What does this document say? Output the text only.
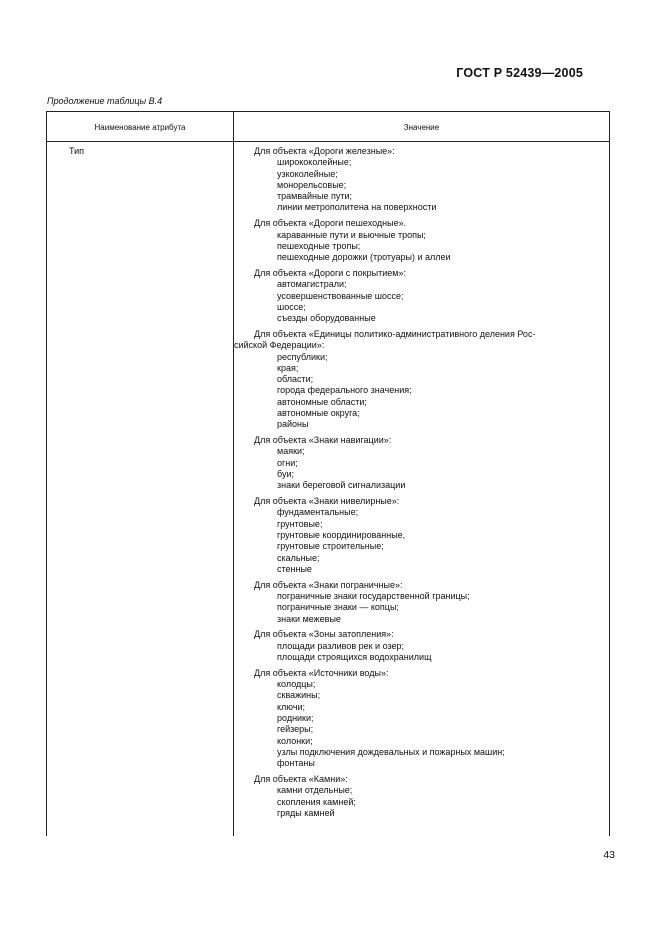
ГОСТ Р 52439—2005
Продолжение таблицы В.4
Наименование атрибута	Значение
Тип	Для объекта «Дороги железные»:
ширококолейные;
узкоколейные;
монорельсовые;
трамвайные пути;
линии метрополитена на поверхности
Для объекта «Дороги пешеходные».
караванные пути и вьючные тропы;
пешеходные тропы;
пешеходные дорожки (тротуары) и аллеи
Для объекта «Дороги с покрытием»:
автомагистрали;
усовершенствованные шоссе;
шоссе;
съезды оборудованные
Для объекта «Единицы политико-административного деления Рос-
сийской Федерации»:
республики;
края;
области;
города федерального значения;
автономные области;
автономные округа;
районы
Для объекта «Знаки навигации»:
маяки;
огни;
буи;
знаки береговой сигнализации
Для объекта «Знаки нивелирные»:
фундаментальные;
грунтовые;
грунтовые координированные,
грунтовые строительные;
скальные;
стенные
Для объекта «Знаки пограничные»:
пограничные знаки государственной границы;
пограничные знаки — копцы;
знаки межевые
Для объекта «Зоны затопления»:
площади разливов рек и озер;
площади строящихся водохранилищ
Для объекта «Источники воды»:
колодцы;
скважины;
ключи;
родники;
гейзеры;
колонки;
узлы подключения дождевальных и пожарных машин;
фонтаны
Для объекта «Камни»:
камни отдельные;
скопления камней;
гряды камней
43
